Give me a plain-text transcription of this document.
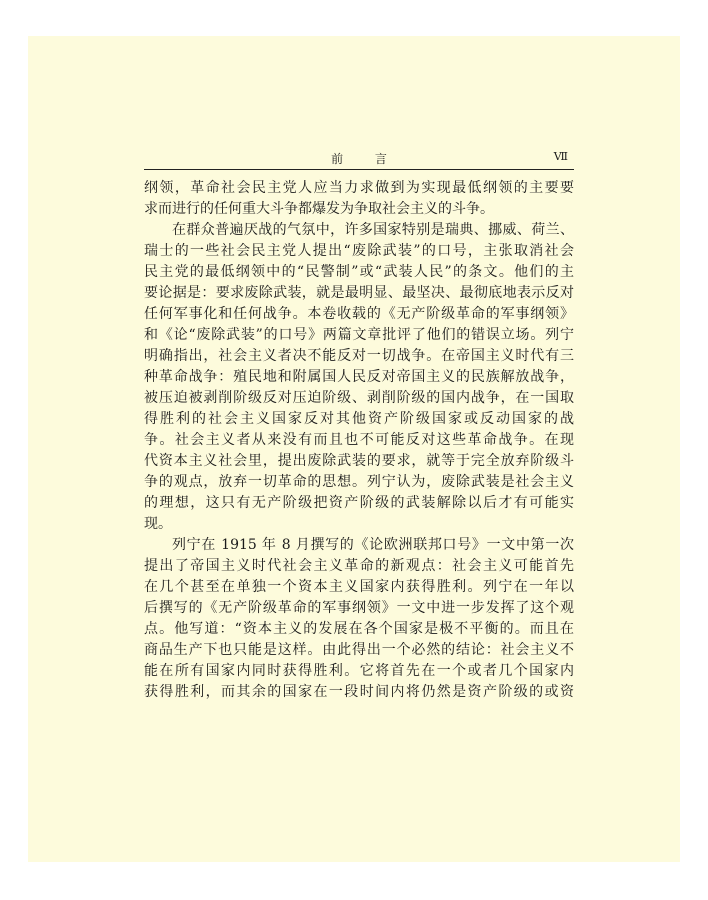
前 言	Ⅶ
纲领，革命社会民主党人应当力求做到为实现最低纲领的主要要
求而进行的任何重大斗争都爆发为争取社会主义的斗争。
在群众普遍厌战的气氛中，许多国家特别是瑞典、挪威、荷兰、
瑞士的一些社会民主党人提出“废除武装”的口号，主张取消社会
民主党的最低纲领中的“民警制”或“武装人民”的条文。他们的主
要论据是：要求废除武装，就是最明显、最坚决、最彻底地表示反对
任何军事化和任何战争。本卷收载的《无产阶级革命的军事纲领》
和《论“废除武装”的口号》两篇文章批评了他们的错误立场。列宁
明确指出，社会主义者决不能反对一切战争。在帝国主义时代有三
种革命战争：殖民地和附属国人民反对帝国主义的民族解放战争，
被压迫被剥削阶级反对压迫阶级、剥削阶级的国内战争，在一国取
得胜利的社会主义国家反对其他资产阶级国家或反动国家的战
争。社会主义者从来没有而且也不可能反对这些革命战争。在现
代资本主义社会里，提出废除武装的要求，就等于完全放弃阶级斗
争的观点，放弃一切革命的思想。列宁认为，废除武装是社会主义
的理想，这只有无产阶级把资产阶级的武装解除以后才有可能实
现。
列宁在 1915 年 8 月撰写的《论欧洲联邦口号》一文中第一次
提出了帝国主义时代社会主义革命的新观点：社会主义可能首先
在几个甚至在单独一个资本主义国家内获得胜利。列宁在一年以
后撰写的《无产阶级革命的军事纲领》一文中进一步发挥了这个观
点。他写道：“资本主义的发展在各个国家是极不平衡的。而且在
商品生产下也只能是这样。由此得出一个必然的结论：社会主义不
能在所有国家内同时获得胜利。它将首先在一个或者几个国家内
获得胜利，而其余的国家在一段时间内将仍然是资产阶级的或资
